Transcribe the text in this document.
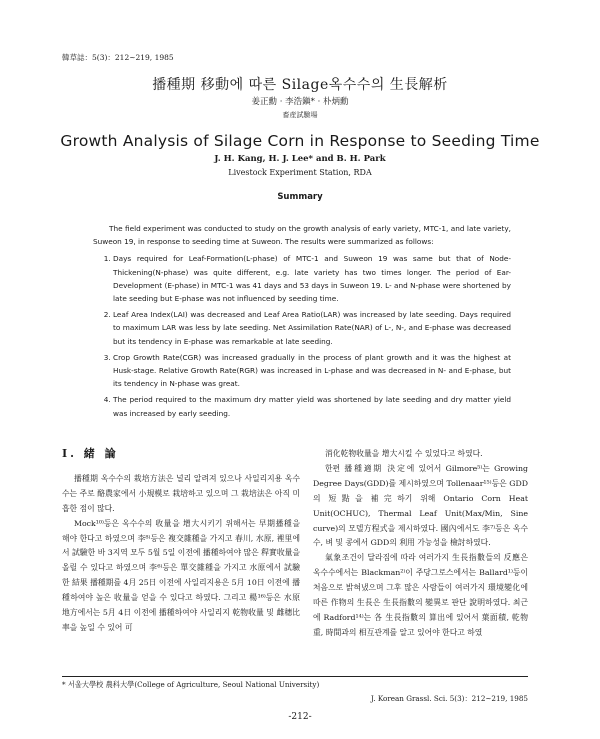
韓草誌：5(3)：212~219, 1985
播種期 移動에 따른 Silage옥수수의 生長解析
姜正勳 · 李浩鎭* · 朴炳勳
畜産試驗場
Growth Analysis of Silage Corn in Response to Seeding Time
J. H. Kang, H. J. Lee* and B. H. Park
Livestock Experiment Station, RDA
Summary

The field experiment was conducted to study on the growth analysis of early variety, MTC-1, and late variety, Suweon 19, in response to seeding time at Suweon. The results were summarized as follows:

1. Days required for Leaf-Formation(L-phase) of MTC-1 and Suweon 19 was same but that of Node-Thickening(N-phase) was quite different, e.g. late variety has two times longer. The period of Ear-Development (E-phase) in MTC-1 was 41 days and 53 days in Suweon 19. L- and N-phase were shortened by late seeding but E-phase was not influenced by seeding time.
2. Leaf Area Index(LAI) was decreased and Leaf Area Ratio(LAR) was increased by late seeding. Days required to maximum LAR was less by late seeding. Net Assimilation Rate(NAR) of L-, N-, and E-phase was decreased but its tendency in E-phase was remarkable at late seeding.
3. Crop Growth Rate(CGR) was increased gradually in the process of plant growth and it was the highest at Husk-stage. Relative Growth Rate(RGR) was increased in L-phase and was decreased in N- and E-phase, but its tendency in N-phase was great.
4. The period required to the maximum dry matter yield was shortened by late seeding and dry matter yield was increased by early seeding.
I. 緒 論

播種期 옥수수의 栽培方法은 널리 알려져 있으나 사일리지용 옥수수는 주로 酪農家에서 小規模로 栽培하고 있으며 그 栽培法은 아직 미흡한 점이 많다.

Mock¹⁰⁾등은 옥수수의 收量을 增大시키기 위해서는 早期播種을 해야 한다고 하였으며 李⁸⁾등은 複交雜種을 가지고 春川, 水原, 裡里에서 試驗한 바 3지역 모두 5월 5일 이전에 播種하여야 많은 稈實收量을 올릴 수 있다고 하였으며 李⁶⁾등은 單交雜種을 가지고 水原에서 試驗한 結果 播種期를 4月 25日 이전에 사일리지용은 5月 10日 이전에 播種하여야 높은 收量을 얻을 수 있다고 하였다. 그리고 楊¹⁶⁾등은 水原地方에서는 5月 4日 이전에 播種하여야 사일리지 乾物收量 및 雌穗比率을 높일 수 있어 可

消化乾物收量을 增大시킬 수 있었다고 하였다.

한편 播種適期 決定에 있어서 Gilmore⁵⁾는 Growing Degree Days(GDD)를 제시하였으며 Tollenaar¹⁵⁾등은 GDD의 短點을 補完하기 위해 Ontario Corn Heat Unit(OCHUC), Thermal Leaf Unit(Max/Min, Sine curve)의 모델方程式을 제시하였다. 國內에서도 李⁷⁾등은 옥수수, 벼 및 콩에서 GDD의 利用 가능성을 檢討하였다.

氣象조건이 달라짐에 따라 여러가지 生長指數들의 反應은 옥수수에서는 Blackman²⁾이 주당그로스에서는 Ballard¹⁾등이 처음으로 밝혀냈으며 그후 많은 사람들이 여러가지 環境變化에 따른 作物의 生長은 生長指數의 變異로 판단 說明하였다. 최근에 Radford¹⁴⁾는 各 生長指數의 算出에 있어서 葉面積, 乾物重, 時間과의 相互관계를 알고 있어야 한다고 하였

* 서울大學校 農科大學(College of Agriculture, Seoul National University)
J. Korean Grassl. Sci. 5(3)：212~219, 1985
-212-
